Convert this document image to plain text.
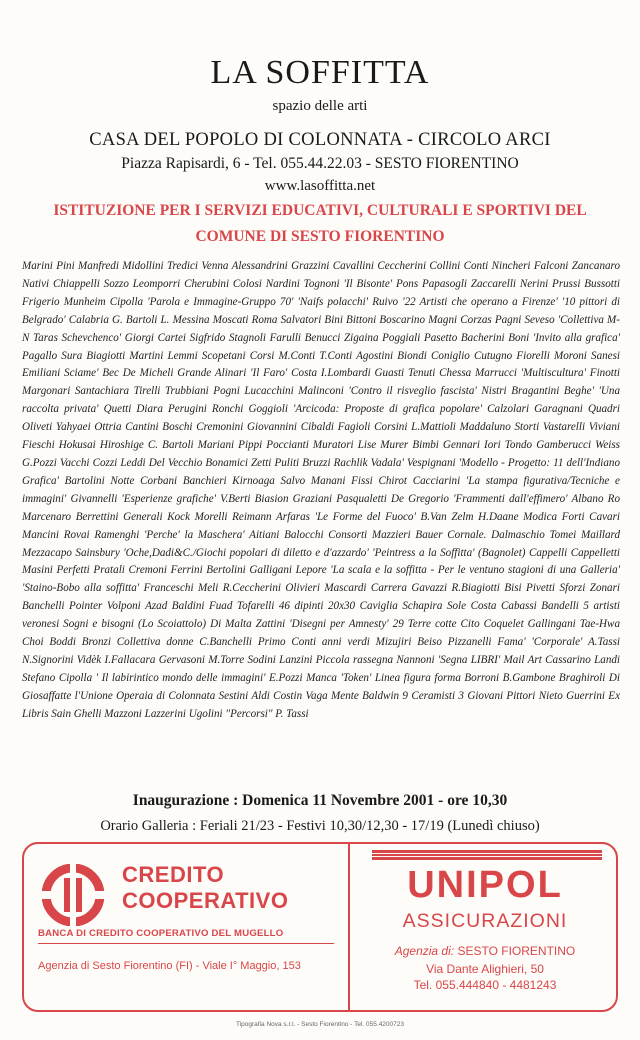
LA SOFFITTA
spazio delle arti
CASA DEL POPOLO DI COLONNATA - CIRCOLO ARCI
Piazza Rapisardi, 6 - Tel. 055.44.22.03 - SESTO FIORENTINO
www.lasoffitta.net
ISTITUZIONE PER I SERVIZI EDUCATIVI, CULTURALI E SPORTIVI DEL
COMUNE DI SESTO FIORENTINO
Marini Pini Manfredi Midollini Tredici Venna Alessandrini Grazzini Cavallini Ceccherini Collini Conti Nincheri Falconi Zancanaro Nativi Chiappelli Sozzo Leomporri Cherubini Colosi Nardini Tognoni 'Il Bisonte' Pons Papasogli Zaccarelli Nerini Prussi Bussotti Frigerio Munheim Cipolla 'Parola e Immagine-Gruppo 70' 'Naifs polacchi' Ruivo '22 Artisti che operano a Firenze' '10 pittori di Belgrado' Calabria G. Bartoli L. Messina Moscati Roma Salvatori Bini Bittoni Boscarino Magni Corzas Pagni Seveso 'Collettiva M-N Taras Schevchenco' Giorgi Cartei Sigfrido Stagnoli Farulli Benucci Zigaina Poggiali Pasetto Bacherini Boni 'Invito alla grafica' Pagallo Sura Biagiotti Martini Lemmi Scopetani Corsi M.Conti T.Conti Agostini Biondi Coniglio Cutugno Fiorelli Moroni Sanesi Emiliani Sciame' Bec De Micheli Grande Alinari 'Il Faro' Costa I.Lombardi Guasti Tenuti Chessa Marrucci 'Multiscultura' Finotti Margonari Santachiara Tirelli Trubbiani Pogni Lucacchini Malinconi 'Contro il risveglio fascista' Nistri Bragantini Beghe' 'Una raccolta privata' Quetti Diara Perugini Ronchi Goggioli 'Arcicoda: Proposte di grafica popolare' Calzolari Garagnani Quadri Oliveti Yahyaei Ottria Cantini Boschi Cremonini Giovannini Cibaldi Fagioli Corsini L.Mattioli Maddaluno Storti Vastarelli Viviani Fieschi Hokusai Hiroshige C. Bartoli Mariani Pippi Poccianti Muratori Lise Murer Bimbi Gennari Iori Tondo Gamberucci Weiss G.Pozzi Vacchi Cozzi Leddi Del Vecchio Bonamici Zetti Puliti Bruzzi Rachlik Vadala' Vespignani 'Modello - Progetto: 11 dell'Indiano Grafica' Bartolini Notte Corbani Banchieri Kirnoaga Salvo Manani Fissi Chirot Cacciarini 'La stampa figurativa/Tecniche e immagini' Givannelli 'Esperienze grafiche' V.Berti Biasion Graziani Pasqualetti De Gregorio 'Frammenti dall'effimero' Albano Ro Marcenaro Berrettini Generali Kock Morelli Reimann Arfaras 'Le Forme del Fuoco' B.Van Zelm H.Daane Modica Forti Cavari Mancini Rovai Ramenghi 'Perche' la Maschera' Aitiani Balocchi Consorti Mazzieri Bauer Cornale. Dalmaschio Tomei Maillard Mezzacapo Sainsbury 'Oche,Dadi&C./Giochi popolari di diletto e d'azzardo' 'Peintress a la Soffitta' (Bagnolet) Cappelli Cappelletti Masini Perfetti Pratali Cremoni Ferrini Bertolini Galligani Lepore 'La scala e la soffitta - Per le ventuno stagioni di una Galleria' 'Staino-Bobo alla soffitta' Franceschi Meli R.Ceccherini Olivieri Mascardi Carrera Gavazzi R.Biagiotti Bisi Pivetti Sforzi Zonari Banchelli Pointer Volponi Azad Baldini Fuad Tofarelli 46 dipinti 20x30 Caviglia Schapira Sole Costa Cabassi Bandelli 5 artisti veronesi Sogni e bisogni (Lo Scoiattolo) Di Malta Zattini 'Disegni per Amnesty' 29 Terre cotte Cito Coquelet Gallingani Tae-Hwa Choi Boddi Bronzi Collettiva donne C.Banchelli Primo Conti anni verdi Mizujiri Beiso Pizzanelli Fama' 'Corporale' A.Tassi N.Signorini Vidèk I.Fallacara Gervasoni M.Torre Sodini Lanzini Piccola rassegna Nannoni 'Segna LIBRI' Mail Art Cassarino Landi Stefano Cipolla ' Il labirintico mondo delle immagini' E.Pozzi Manca 'Token' Linea figura forma Borroni B.Gambone Braghiroli Di Giosaffatte l'Unione Operaia di Colonnata Sestini Aldi Costin Vaga Mente Baldwin 9 Ceramisti 3 Giovani Pittori Nieto Guerrini Ex Libris Sain Ghelli Mazzoni Lazzerini Ugolini "Percorsi" P. Tassi
Inaugurazione : Domenica 11 Novembre 2001 - ore 10,30
Orario Galleria : Feriali 21/23 - Festivi 10,30/12,30 - 17/19 (Lunedì chiuso)
CREDITO
COOPERATIVO
BANCA DI CREDITO COOPERATIVO DEL MUGELLO
Agenzia di Sesto Fiorentino (FI) - Viale I° Maggio, 153
UNIPOL
ASSICURAZIONI
Agenzia di: SESTO FIORENTINO
Via Dante Alighieri, 50
Tel. 055.444840 - 4481243
Tipografia Nova s.r.l. - Sesto Fiorentino - Tel. 055.4200723
